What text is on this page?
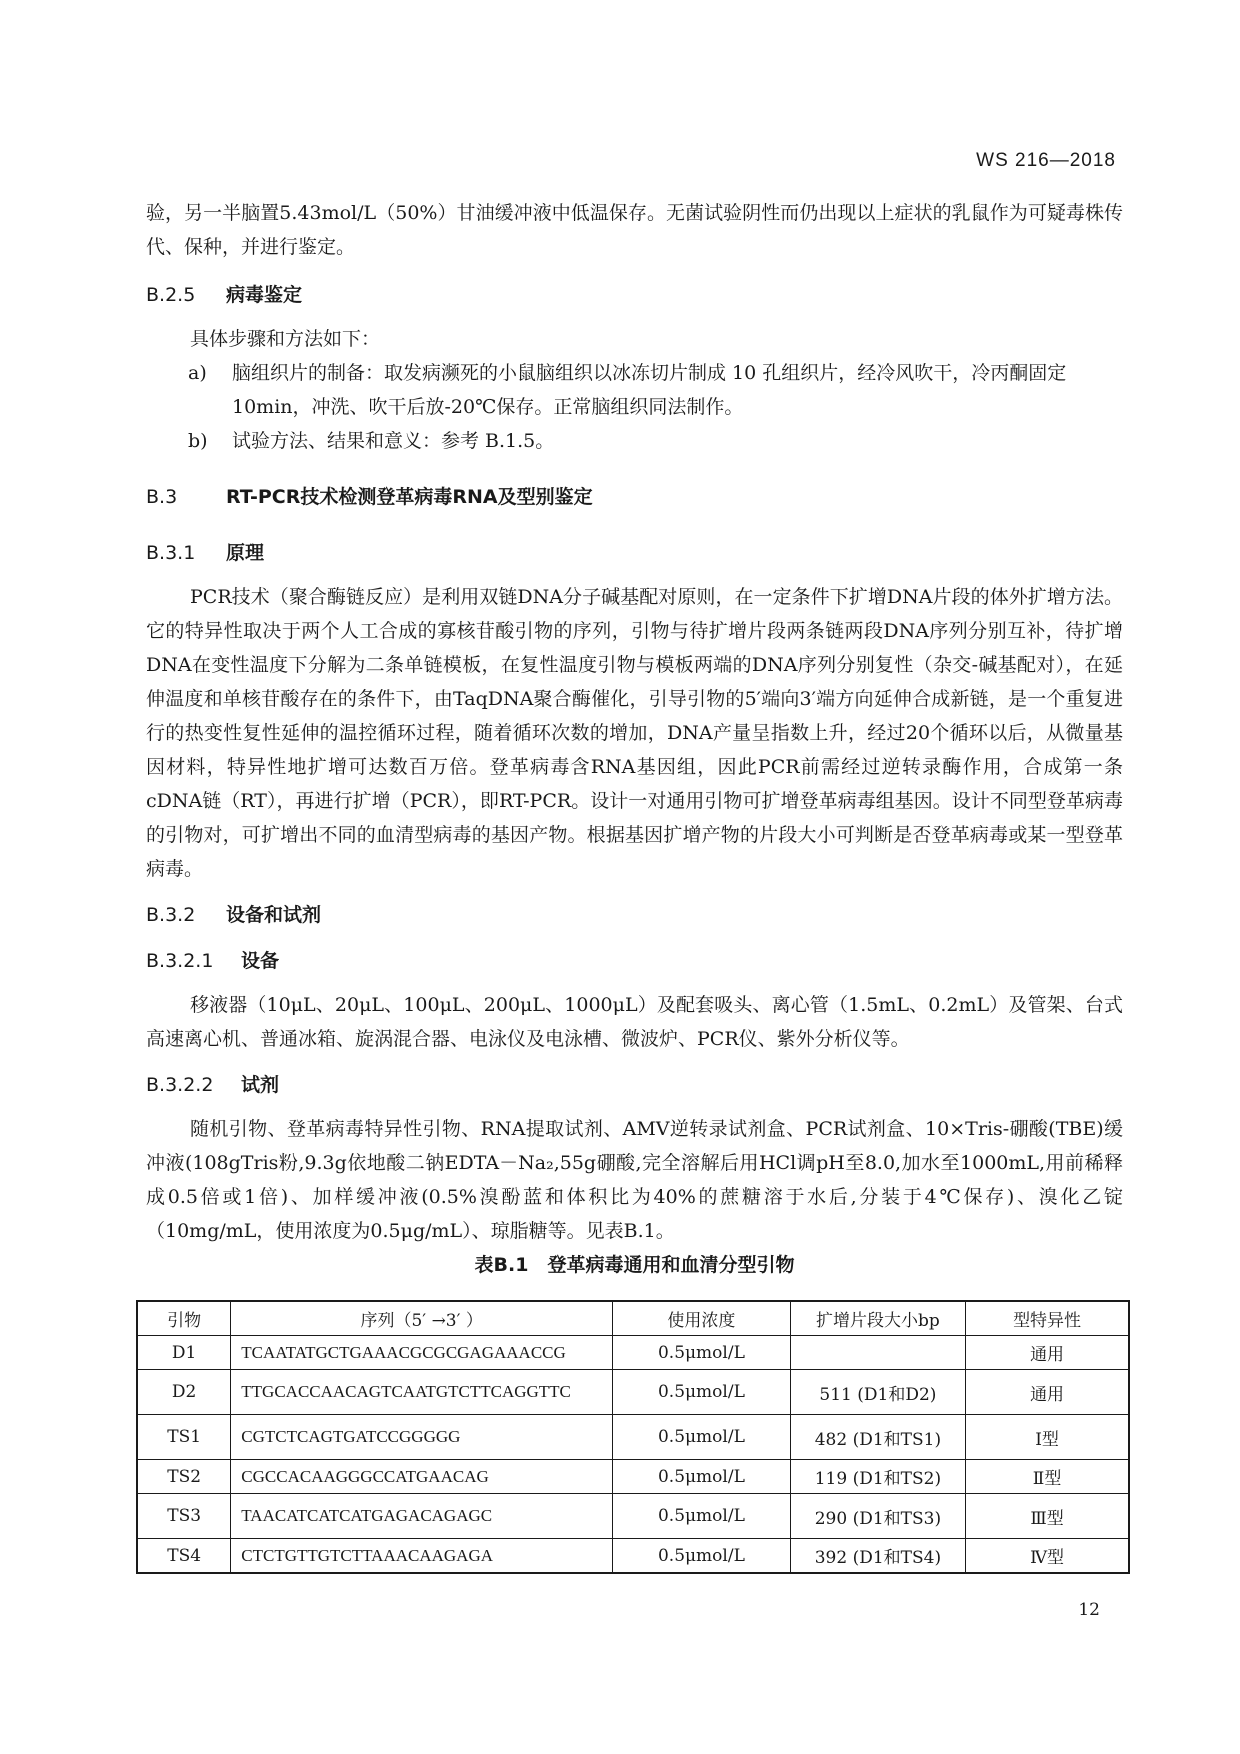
WS 216—2018

验，另一半脑置5.43mol/L（50%）甘油缓冲液中低温保存。无菌试验阴性而仍出现以上症状的乳鼠作为可疑毒株传代、保种，并进行鉴定。

B.2.5 病毒鉴定

具体步骤和方法如下：

a)	脑组织片的制备：取发病濒死的小鼠脑组织以冰冻切片制成 10 孔组织片，经冷风吹干，冷丙酮固定 10min，冲洗、吹干后放-20℃保存。正常脑组织同法制作。
b)	试验方法、结果和意义：参考 B.1.5。

B.3	RT-PCR技术检测登革病毒RNA及型别鉴定

B.3.1 原理

PCR技术（聚合酶链反应）是利用双链DNA分子碱基配对原则，在一定条件下扩增DNA片段的体外扩增方法。它的特异性取决于两个人工合成的寡核苷酸引物的序列，引物与待扩增片段两条链两段DNA序列分别互补，待扩增DNA在变性温度下分解为二条单链模板，在复性温度引物与模板两端的DNA序列分别复性（杂交-碱基配对），在延伸温度和单核苷酸存在的条件下，由TaqDNA聚合酶催化，引导引物的5′端向3′端方向延伸合成新链，是一个重复进行的热变性复性延伸的温控循环过程，随着循环次数的增加，DNA产量呈指数上升，经过20个循环以后，从微量基因材料，特异性地扩增可达数百万倍。登革病毒含RNA基因组，因此PCR前需经过逆转录酶作用，合成第一条cDNA链（RT），再进行扩增（PCR），即RT-PCR。设计一对通用引物可扩增登革病毒组基因。设计不同型登革病毒的引物对，可扩增出不同的血清型病毒的基因产物。根据基因扩增产物的片段大小可判断是否登革病毒或某一型登革病毒。

B.3.2 设备和试剂

B.3.2.1 设备

移液器（10μL、20μL、100μL、200μL、1000μL）及配套吸头、离心管（1.5mL、0.2mL）及管架、台式高速离心机、普通冰箱、旋涡混合器、电泳仪及电泳槽、微波炉、PCR仪、紫外分析仪等。

B.3.2.2 试剂

随机引物、登革病毒特异性引物、RNA提取试剂、AMV逆转录试剂盒、PCR试剂盒、10×Tris-硼酸(TBE)缓冲液(108gTris粉,9.3g依地酸二钠EDTA－Na₂,55g硼酸,完全溶解后用HCl调pH至8.0,加水至1000mL,用前稀释成0.5倍或1倍)、加样缓冲液(0.5%溴酚蓝和体积比为40%的蔗糖溶于水后,分装于4℃保存)、溴化乙锭（10mg/mL，使用浓度为0.5μg/mL）、琼脂糖等。见表B.1。

表B.1　登革病毒通用和血清分型引物

引物	序列（5′ →3′ ）	使用浓度	扩增片段大小bp	型特异性
D1	TCAATATGCTGAAACGCGCGAGAAACCG	0.5μmol/L		通用
D2	TTGCACCAACAGTCAATGTCTTCAGGTTC	0.5μmol/L	511 (D1和D2)	通用
TS1	CGTCTCAGTGATCCGGGGG	0.5μmol/L	482 (D1和TS1)	Ⅰ型
TS2	CGCCACAAGGGCCATGAACAG	0.5μmol/L	119 (D1和TS2)	Ⅱ型
TS3	TAACATCATCATGAGACAGAGC	0.5μmol/L	290 (D1和TS3)	Ⅲ型
TS4	CTCTGTTGTCTTAAACAAGAGA	0.5μmol/L	392 (D1和TS4)	Ⅳ型
12
